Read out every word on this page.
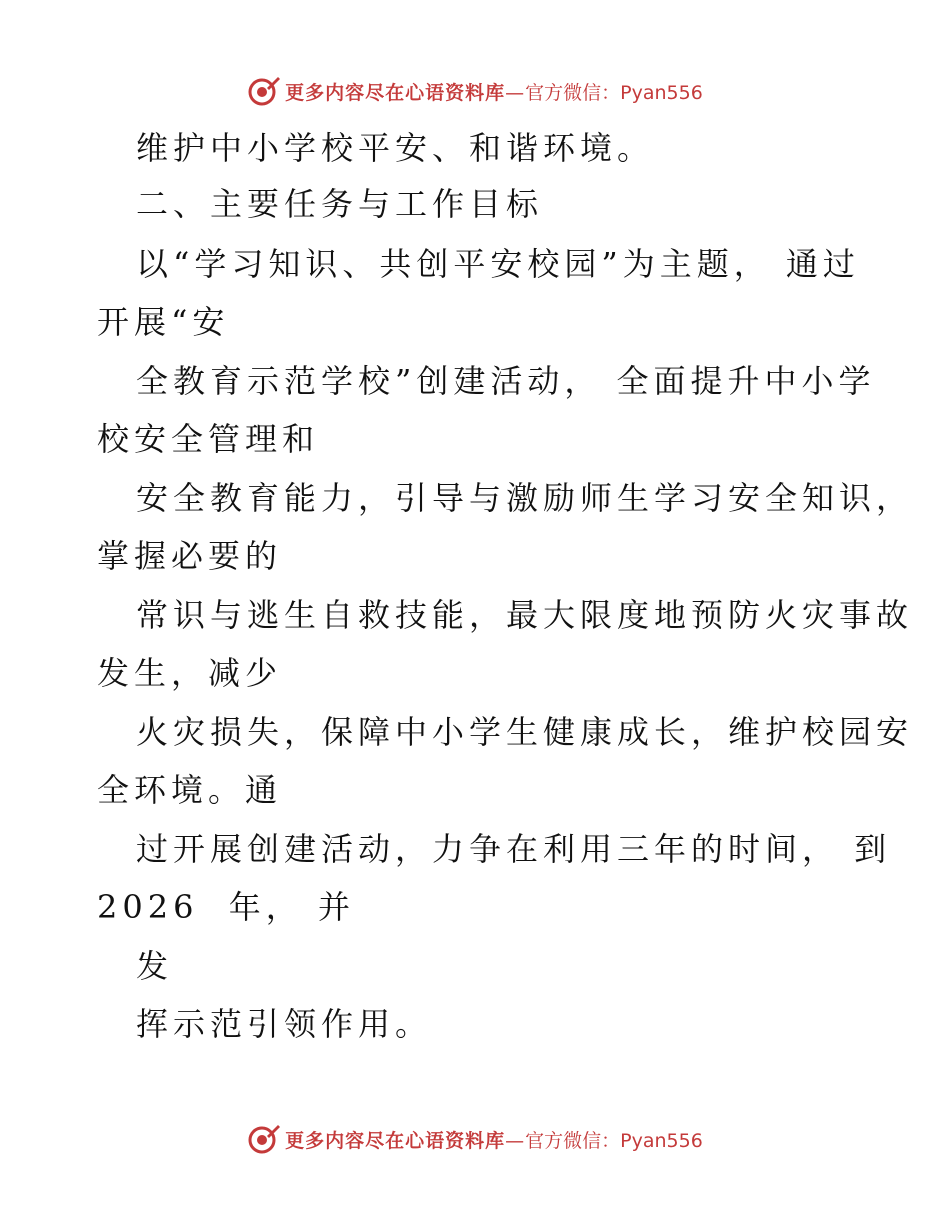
更多内容尽在心语资料库—官方微信：Pyan556
维护中小学校平安、和谐环境。
二、主要任务与工作目标
以“学习知识、共创平安校园”为主题， 通过
开展“安
全教育示范学校”创建活动， 全面提升中小学
校安全管理和
安全教育能力，引导与激励师生学习安全知识，
掌握必要的
常识与逃生自救技能，最大限度地预防火灾事故
发生，减少
火灾损失，保障中小学生健康成长，维护校园安
全环境。通
过开展创建活动，力争在利用三年的时间， 到
2026  年， 并
发
挥示范引领作用。
更多内容尽在心语资料库—官方微信：Pyan556
